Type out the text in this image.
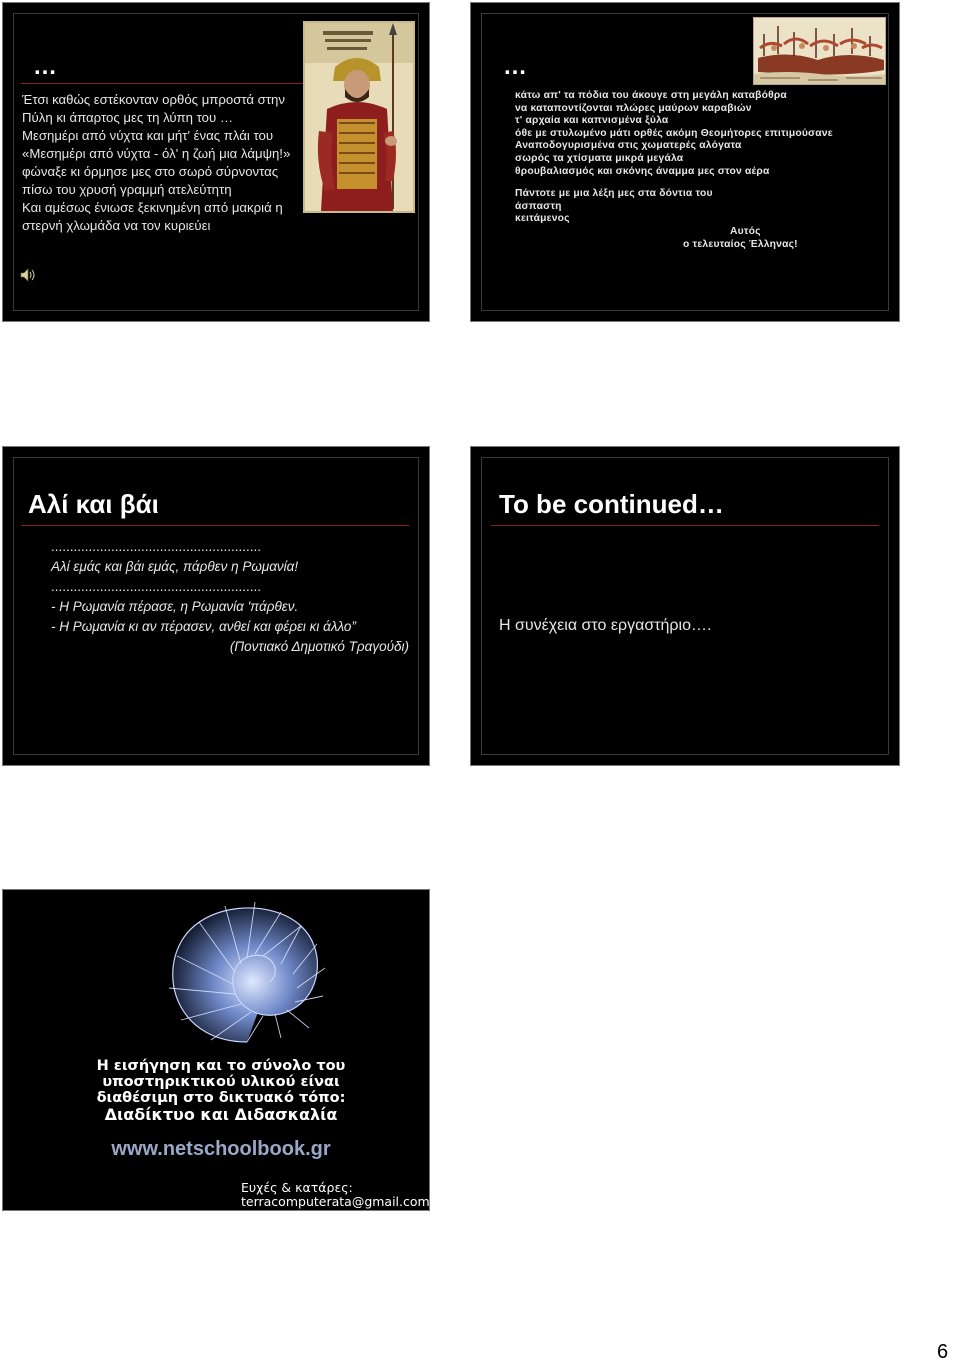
…

Έτσι καθώς εστέκονταν ορθός μπροστά στην Πύλη κι άπαρτος μες τη λύπη του …

Μεσημέρι από νύχτα και μήτ' ένας πλάι του «Μεσημέρι από νύχτα - όλ' η ζωή μια λάμψη!» φώναξε κι όρμησε μες στο σωρό σύρνοντας πίσω του χρυσή γραμμή ατελεύτητη

Και αμέσως ένιωσε ξεκινημένη από μακριά η στερνή χλωμάδα να τον κυριεύει

…

κάτω απ' τα πόδια του άκουγε στη μεγάλη καταβόθρα

να καταποντίζονται πλώρες μαύρων καραβιών

τ' αρχαία και καπνισμένα ξύλα

όθε με στυλωμένο μάτι ορθές ακόμη Θεομήτορες επιτιμούσανε

Αναποδογυρισμένα στις χωματερές αλόγατα

σωρός τα χτίσματα μικρά μεγάλα

θρουβαλιασμός και σκόνης άναμμα μες στον αέρα

Πάντοτε με μια λέξη μες στα δόντια του

άσπαστη

κειτάμενος

Αυτός

ο τελευταίος Έλληνας!

Αλί και βάι

........................................................

Αλί εμάς και βάι εμάς, πάρθεν η Ρωμανία!

........................................................

- Η Ρωμανία πέρασε, η Ρωμανία 'πάρθεν.

- Η Ρωμανία κι αν πέρασεν, ανθεί και φέρει κι άλλο”

(Ποντιακό Δημοτικό Τραγούδι)

To be continued…
Η συνέχεια στο εργαστήριο….
Η εισήγηση και το σύνολο του
υποστηρικτικού υλικού είναι
διαθέσιμη στο δικτυακό τόπο:
Διαδίκτυο και Διδασκαλία
www.netschoolbook.gr
Ευχές & κατάρες:
terracomputerata@gmail.com
6
